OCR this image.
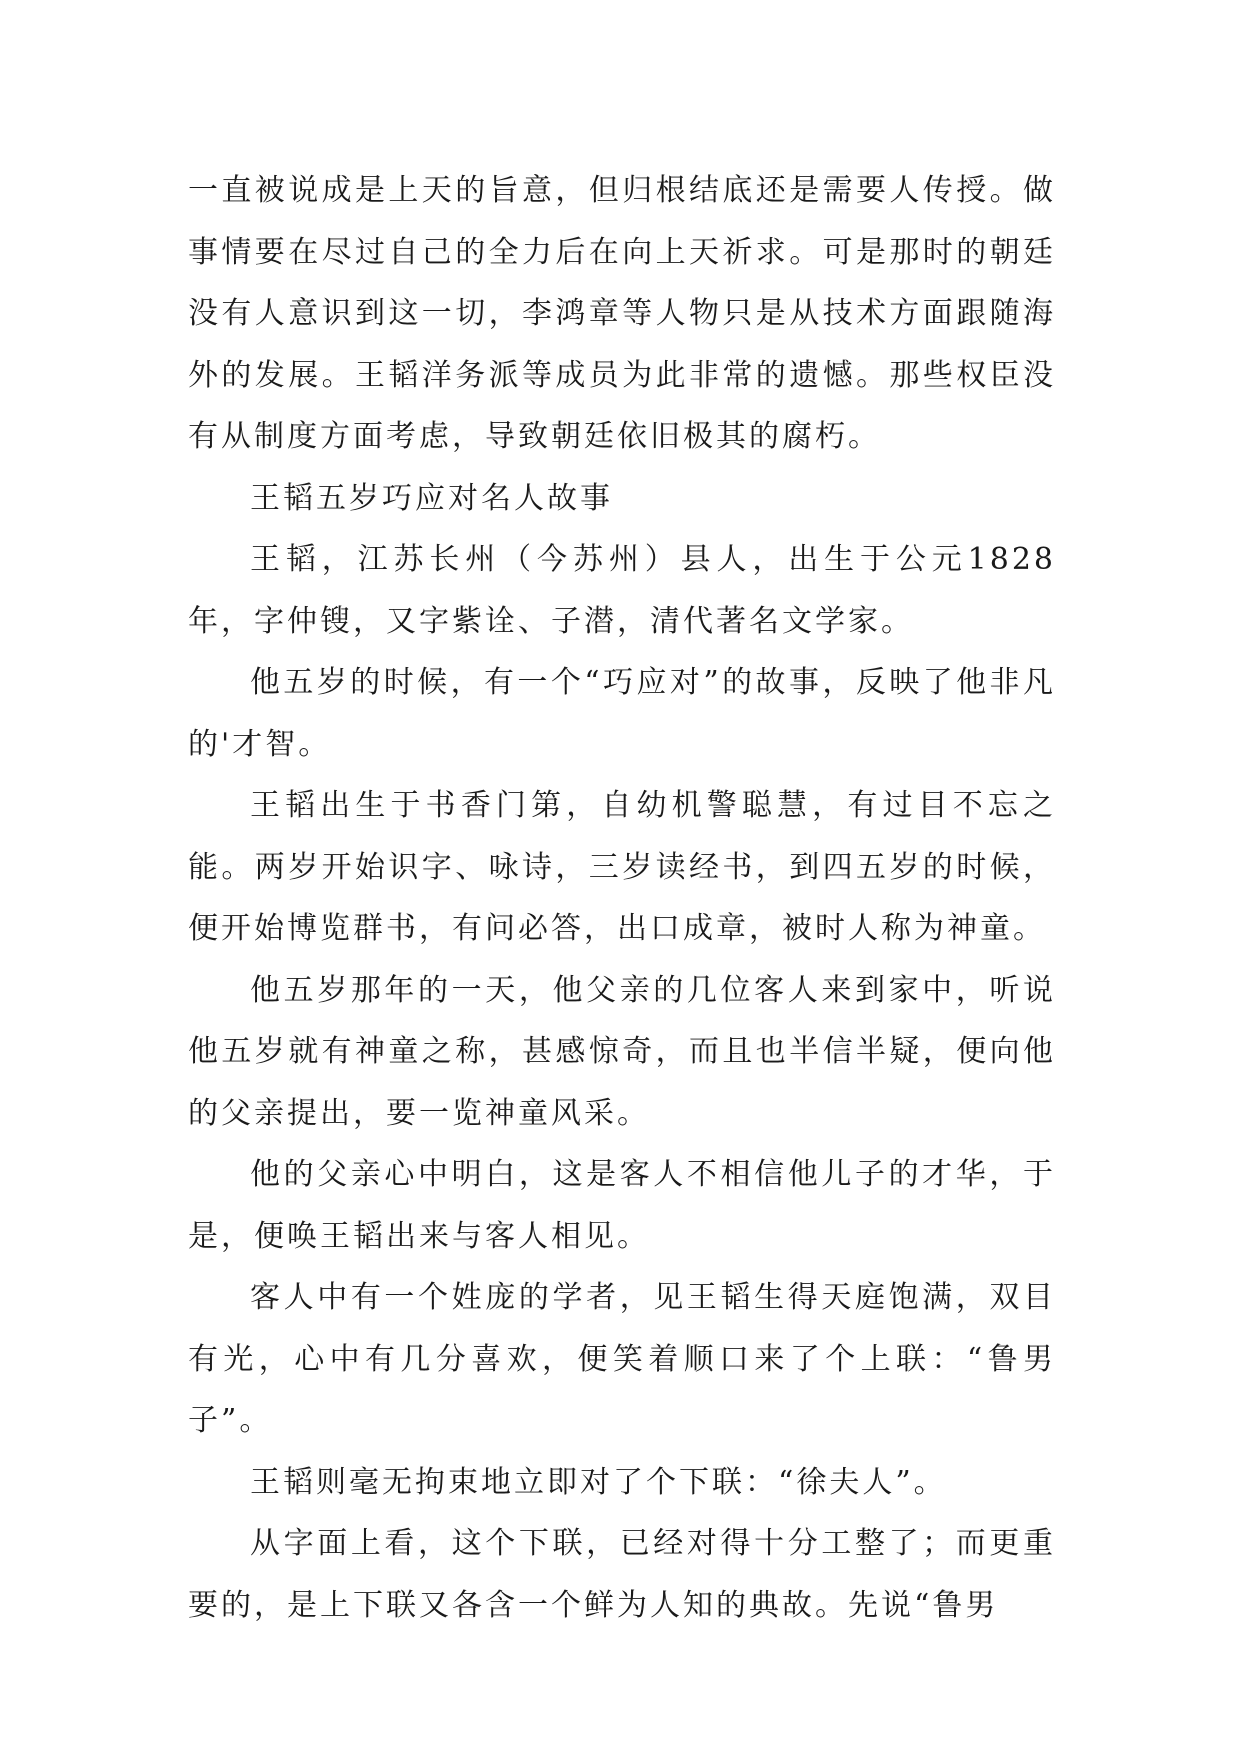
一直被说成是上天的旨意，但归根结底还是需要人传授。做事情要在尽过自己的全力后在向上天祈求。可是那时的朝廷没有人意识到这一切，李鸿章等人物只是从技术方面跟随海外的发展。王韬洋务派等成员为此非常的遗憾。那些权臣没有从制度方面考虑，导致朝廷依旧极其的腐朽。

王韬五岁巧应对名人故事

王韬，江苏长州（今苏州）县人，出生于公元1828年，字仲锼，又字紫诠、子潜，清代著名文学家。

他五岁的时候，有一个“巧应对”的故事，反映了他非凡的'才智。

王韬出生于书香门第，自幼机警聪慧，有过目不忘之能。两岁开始识字、咏诗，三岁读经书，到四五岁的时候，便开始博览群书，有问必答，出口成章，被时人称为神童。

他五岁那年的一天，他父亲的几位客人来到家中，听说他五岁就有神童之称，甚感惊奇，而且也半信半疑，便向他的父亲提出，要一览神童风采。

他的父亲心中明白，这是客人不相信他儿子的才华，于是，便唤王韬出来与客人相见。

客人中有一个姓庞的学者，见王韬生得天庭饱满，双目有光，心中有几分喜欢，便笑着顺口来了个上联：“鲁男子”。

王韬则毫无拘束地立即对了个下联：“徐夫人”。

从字面上看，这个下联，已经对得十分工整了；而更重要的，是上下联又各含一个鲜为人知的典故。先说“鲁男
